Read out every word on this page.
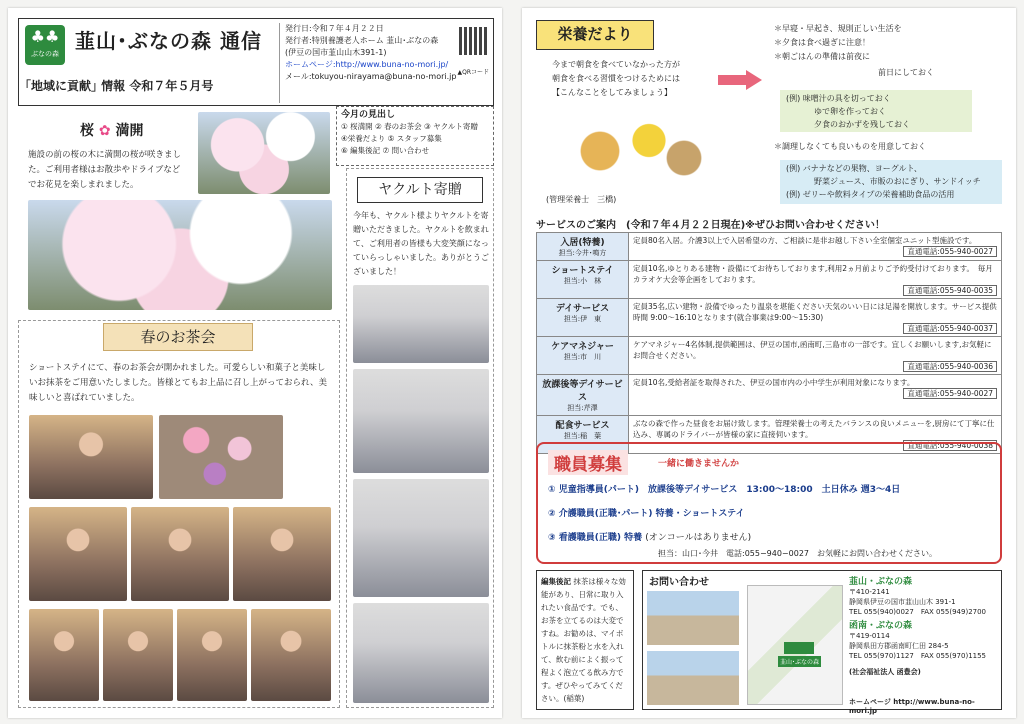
♣♣
ぶなの森
韮山･ぶなの森 通信
｢地域に貢献｣ 情報 令和７年５月号
発行日:令和７年４月２２日
発行者:特別養護老人ホーム 韮山･ぶなの森
(伊豆の国市韮山山木391-1)
ホームページ:http://www.buna-no-mori.jp/
メール:tokuyou-nirayama@buna-no-mori.jp ▲QRコード
今月の見出し
① 桜満開 ② 春のお茶会 ③ ヤクルト寄贈
④栄養だより ⑤ スタッフ募集
⑥ 編集後記 ⑦ 問い合わせ
桜 ✿ 満開
施設の前の桜の木に満開の桜が咲きました。ご利用者様はお散歩やドライブなどでお花見を楽しまれました。
春のお茶会
ショートステイにて、春のお茶会が開かれました。可愛らしい和菓子と美味しいお抹茶をご用意いたしました。皆様とてもお上品に召し上がっておられ、美味しいと喜ばれていました。
ヤクルト寄贈
今年も、ヤクルト様よりヤクルトを寄贈いただきました。ヤクルトを飲まれて、ご利用者の皆様も大変笑顔になっていらっしゃいました。ありがとうございました！
栄養だより
今まで朝食を食べていなかった方が
朝食を食べる習慣をつけるためには
【こんなことをしてみましょう】
(管理栄養士　三橋)
＊早寝・早起き、規則正しい生活を
＊夕食は食べ過ぎに注意！
＊朝ごはんの準備は前夜に
前日にしておく
(例) 味噌汁の具を切っておく
ゆで卵を作っておく
夕食のおかずを残しておく
＊調理しなくても良いものを用意しておく
(例) バナナなどの果物、ヨーグルト、
野菜ジュース、市販のおにぎり、サンドイッチ
(例) ゼリーや飲料タイプの栄養補助食品の活用
サービスのご案内　(令和７年４月２２日現在)※ぜひお問い合わせください！
入居(特養)
担当:今井･鳴方	定員80名入居。介護3以上で入居希望の方、ご相談に是非お越し下さい全室個室ユニット型施設です。
直通電話:055-940-0027

ショートステイ
担当:小　林	定員10名,ゆとりある建物・設備にてお待ちしております,利用2ヵ月前よりご予約受付けております。　毎月カラオケ大会等企画をしております。
直通電話:055-940-0035

デイサービス
担当:伊　東	定員35名,広い建物・設備でゆったり温泉を堪能ください天気のいい日には足湯を開放します。サービス提供時間 9:00～16:10となります(就合事業は9:00～15:30)
直通電話:055-940-0037

ケアマネジャー
担当:市　川	ケアマネジャー4名体制,提供範囲は、伊豆の国市,函南町,三島市の一部です。宜しくお願いします,お気軽にお問合せください。
直通電話:055-940-0036

放課後等デイサービス
担当:芹澤	定員10名,受給者証を取得された、伊豆の国市内の小中学生が利用対象になります。
直通電話:055-940-0027

配食サービス
担当:稲　葉	ぶなの森で作った昼食をお届け致します。管理栄養士の考えたバランスの良いメニューを,厨房にて丁寧に仕込み、専属のドライバーが皆様の家に直接伺います。
直通電話:055-940-0038
職員募集	一緒に働きませんか
① 児童指導員(パート)　放課後等デイサービス　13:00～18:00　土日休み 週3～4日
② 介護職員(正職･パート) 特養・ショートステイ
③ 看護職員(正職) 特養 (オンコールはありません)
担当：山口･今井　電話:055−940−0027　お気軽にお問い合わせください。
編集後記 抹茶は様々な効能があり、日常に取り入れたい食品です。でも、お茶を立てるのは大変ですね。お勧めは、マイボトルに抹茶粉と水を入れて、飲む前によく振って程よく泡立てる飲み方です。ぜひやってみてください。(稲葉)
お問い合わせ
韮山･ぶなの森
韮山・ぶなの森
〒410-2141
静岡県伊豆の国市韮山山木 391-1
TEL 055(940)0027　FAX 055(949)2700
函南・ぶなの森
〒419-0114
静岡県田方郡函南町仁田 284-5
TEL 055(970)1127　FAX 055(970)1155
(社会福祉法人 函豊会)
ホームページ http://www.buna-no-mori.jp
